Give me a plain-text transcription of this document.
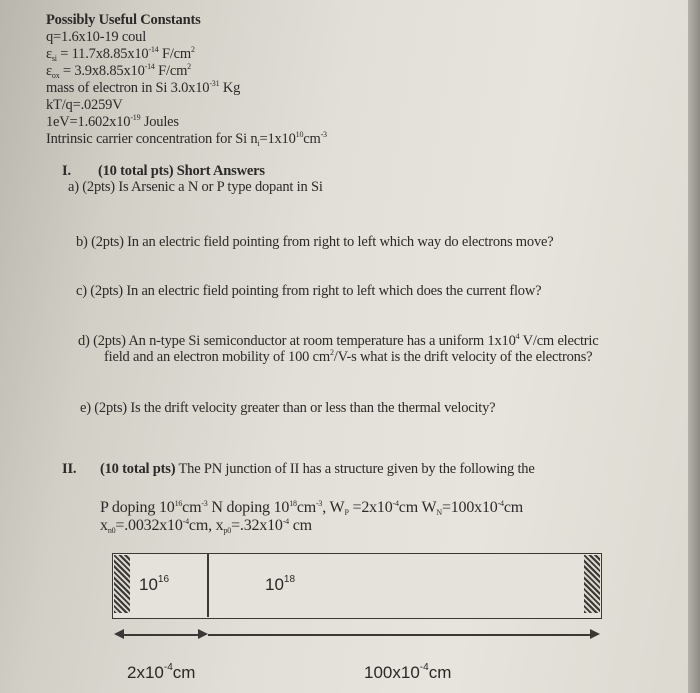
Possibly Useful Constants
q=1.6x10-19 coul
$\varepsilon_{si} = 11.7x8.85x10^{-14}$ $F/cm^2$
$\varepsilon_{ox} = 3.9x8.85x10^{-14}$ $F/cm^2$
mass of electron in Si $3.0x10^{-31}$ Kg
kT/q=.0259V
$1eV=1.602x10^{-19}$ Joules
Intrinsic carrier concentration for Si $n_i=1x10^{10}cm^{-3}$
I. (10 total pts) Short Answers
a) (2pts) Is Arsenic a N or P type dopant in Si
b) (2pts) In an electric field pointing from right to left which way do electrons move?
c) (2pts) In an electric field pointing from right to left which does the current flow?
d) (2pts) An n-type Si semiconductor at room temperature has a uniform $1x10^4$ V/cm electric
field and an electron mobility of 100 $cm^2/V-s$ what is the drift velocity of the electrons?
e) (2pts) Is the drift velocity greater than or less than the thermal velocity?
II. (10 total pts) The PN junction of II has a structure given by the following the
P doping $10^{16}cm^{-3}$ N doping $10^{18}cm^{-3}$, $W_P =2x10^{-4}cm$ $W_N=100x10^{-4}cm$
$x_{n0}=.0032x10^{-4}cm$, $x_{p0}=.32x10^{-4}$ cm
$10^{16}$	$10^{18}$
$2x10^{-4}cm$	$100x10^{-4}cm$
